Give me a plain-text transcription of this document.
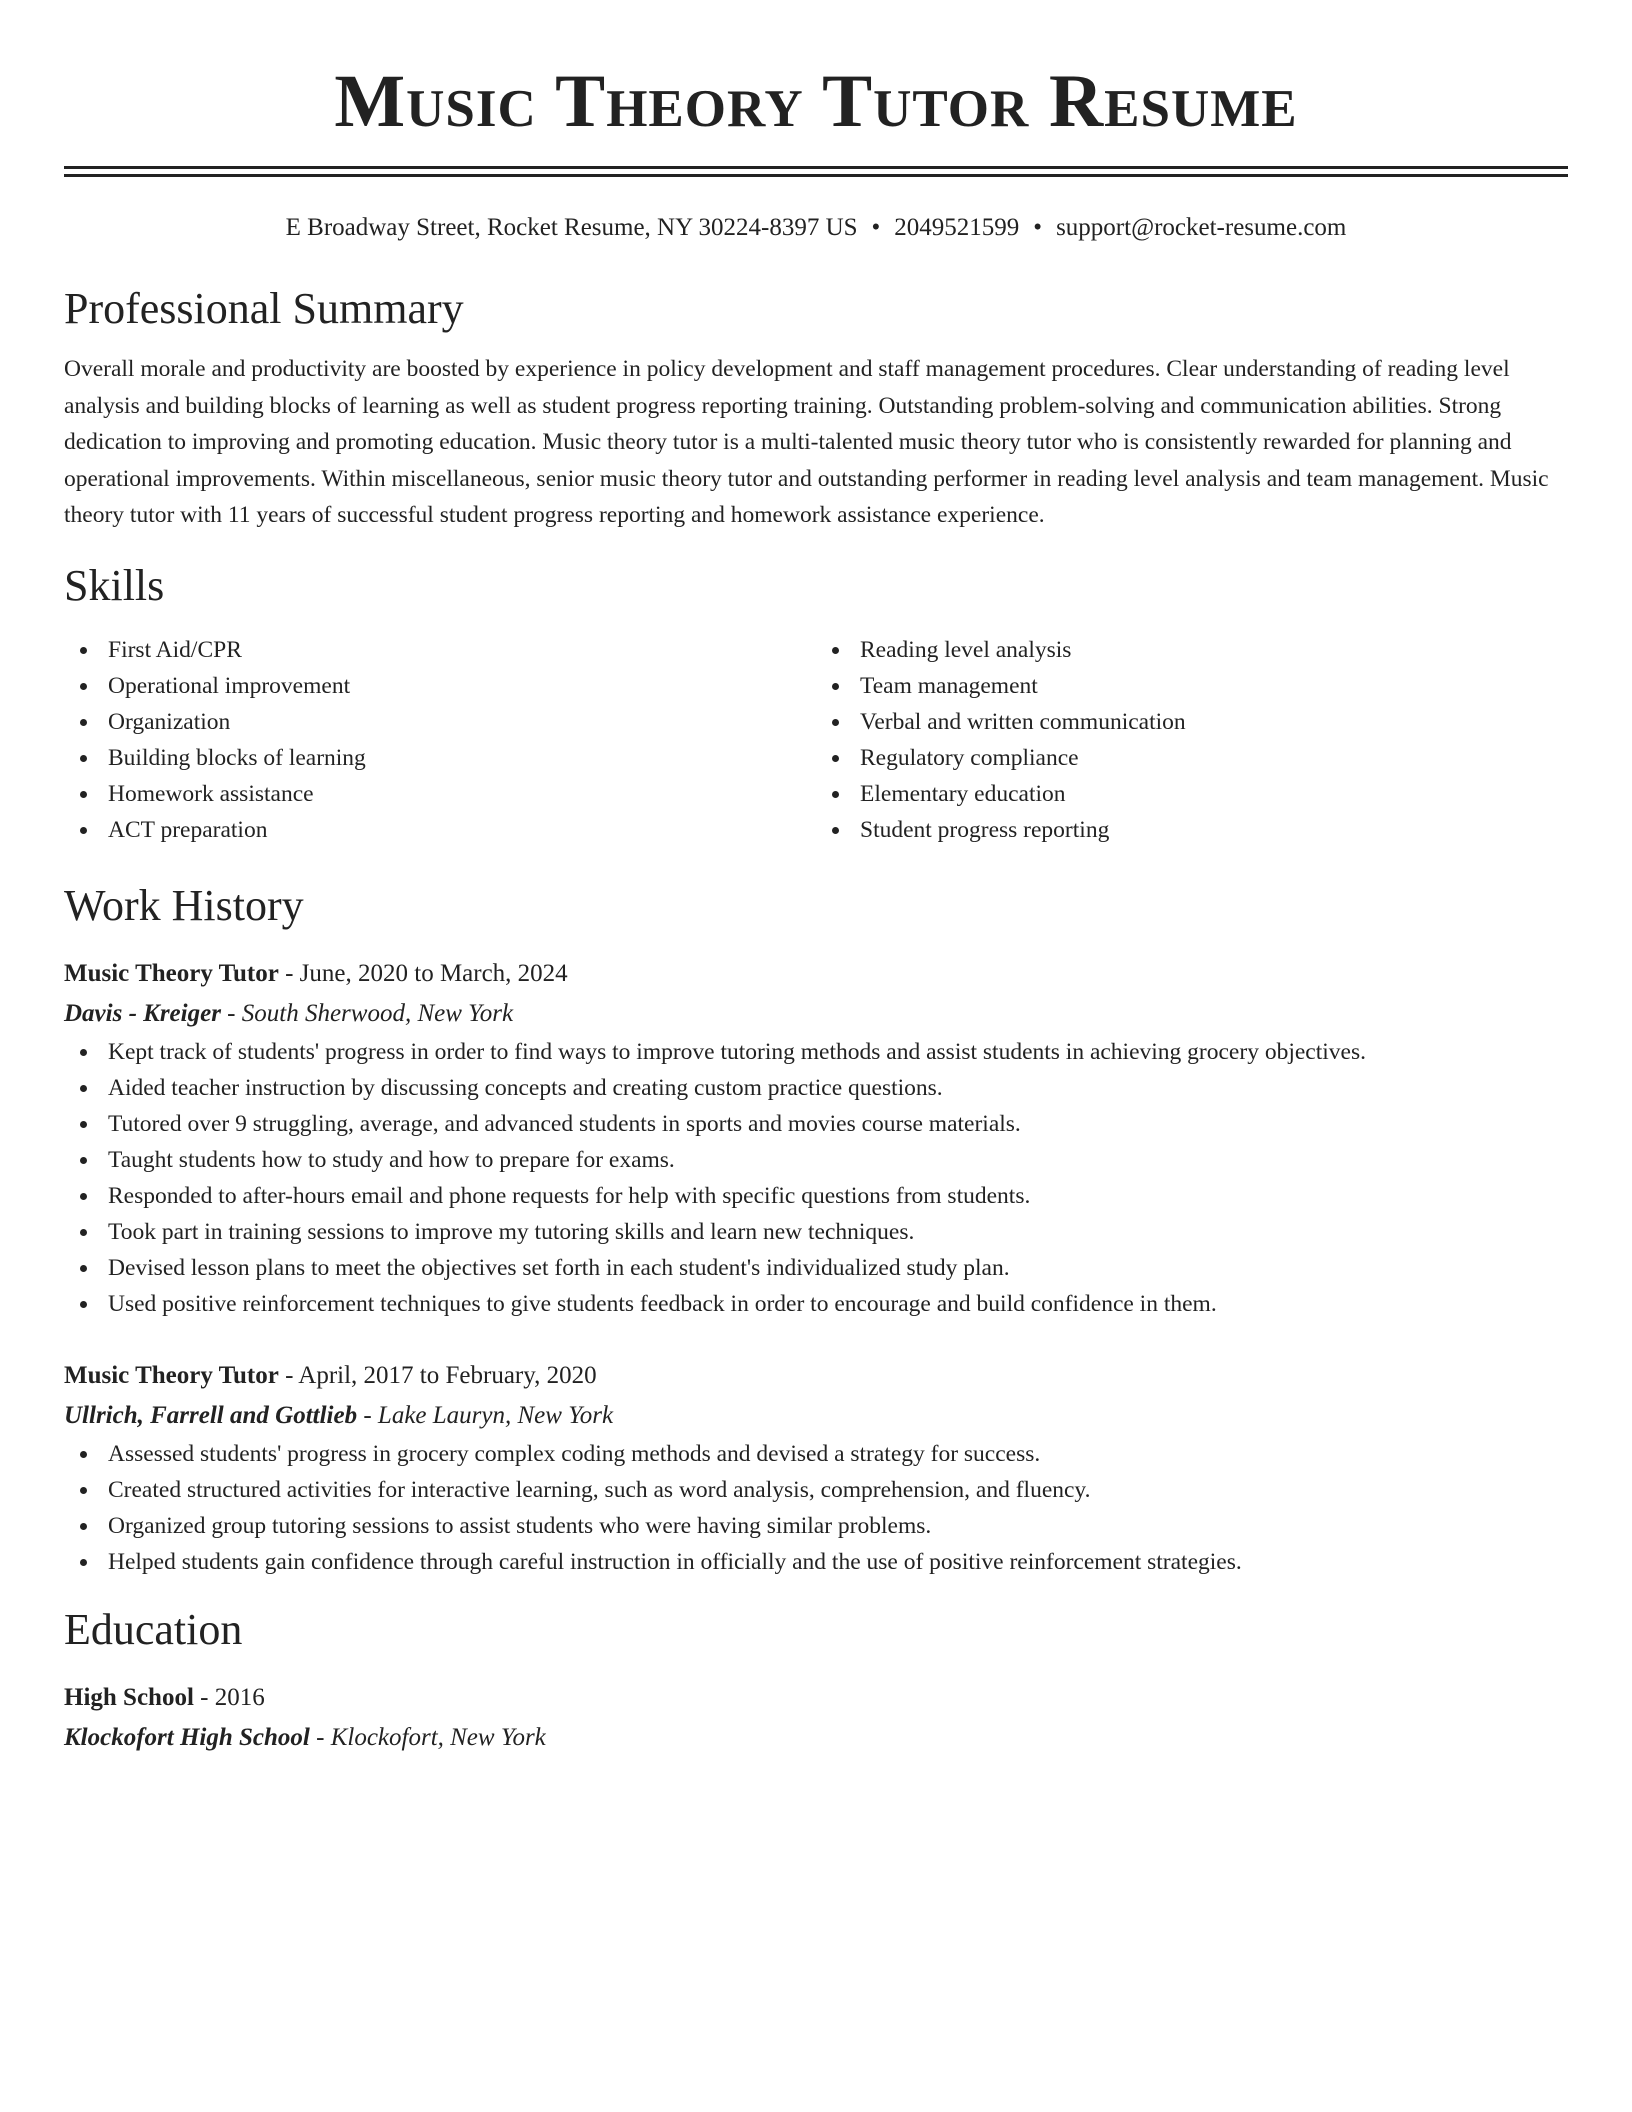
Music Theory Tutor Resume
E Broadway Street, Rocket Resume, NY 30224-8397 US • 2049521599 • support@rocket-resume.com
Professional Summary

Overall morale and productivity are boosted by experience in policy development and staff management procedures. Clear understanding of reading level analysis and building blocks of learning as well as student progress reporting training. Outstanding problem-solving and communication abilities. Strong dedication to improving and promoting education. Music theory tutor is a multi-talented music theory tutor who is consistently rewarded for planning and operational improvements. Within miscellaneous, senior music theory tutor and outstanding performer in reading level analysis and team management. Music theory tutor with 11 years of successful student progress reporting and homework assistance experience.

Skills
First Aid/CPR
Operational improvement
Organization
Building blocks of learning
Homework assistance
ACT preparation
Reading level analysis
Team management
Verbal and written communication
Regulatory compliance
Elementary education
Student progress reporting
Work History
Music Theory Tutor - June, 2020 to March, 2024
Davis - Kreiger - South Sherwood, New York
Kept track of students' progress in order to find ways to improve tutoring methods and assist students in achieving grocery objectives.
Aided teacher instruction by discussing concepts and creating custom practice questions.
Tutored over 9 struggling, average, and advanced students in sports and movies course materials.
Taught students how to study and how to prepare for exams.
Responded to after-hours email and phone requests for help with specific questions from students.
Took part in training sessions to improve my tutoring skills and learn new techniques.
Devised lesson plans to meet the objectives set forth in each student's individualized study plan.
Used positive reinforcement techniques to give students feedback in order to encourage and build confidence in them.
Music Theory Tutor - April, 2017 to February, 2020
Ullrich, Farrell and Gottlieb - Lake Lauryn, New York
Assessed students' progress in grocery complex coding methods and devised a strategy for success.
Created structured activities for interactive learning, such as word analysis, comprehension, and fluency.
Organized group tutoring sessions to assist students who were having similar problems.
Helped students gain confidence through careful instruction in officially and the use of positive reinforcement strategies.
Education
High School - 2016
Klockofort High School - Klockofort, New York
